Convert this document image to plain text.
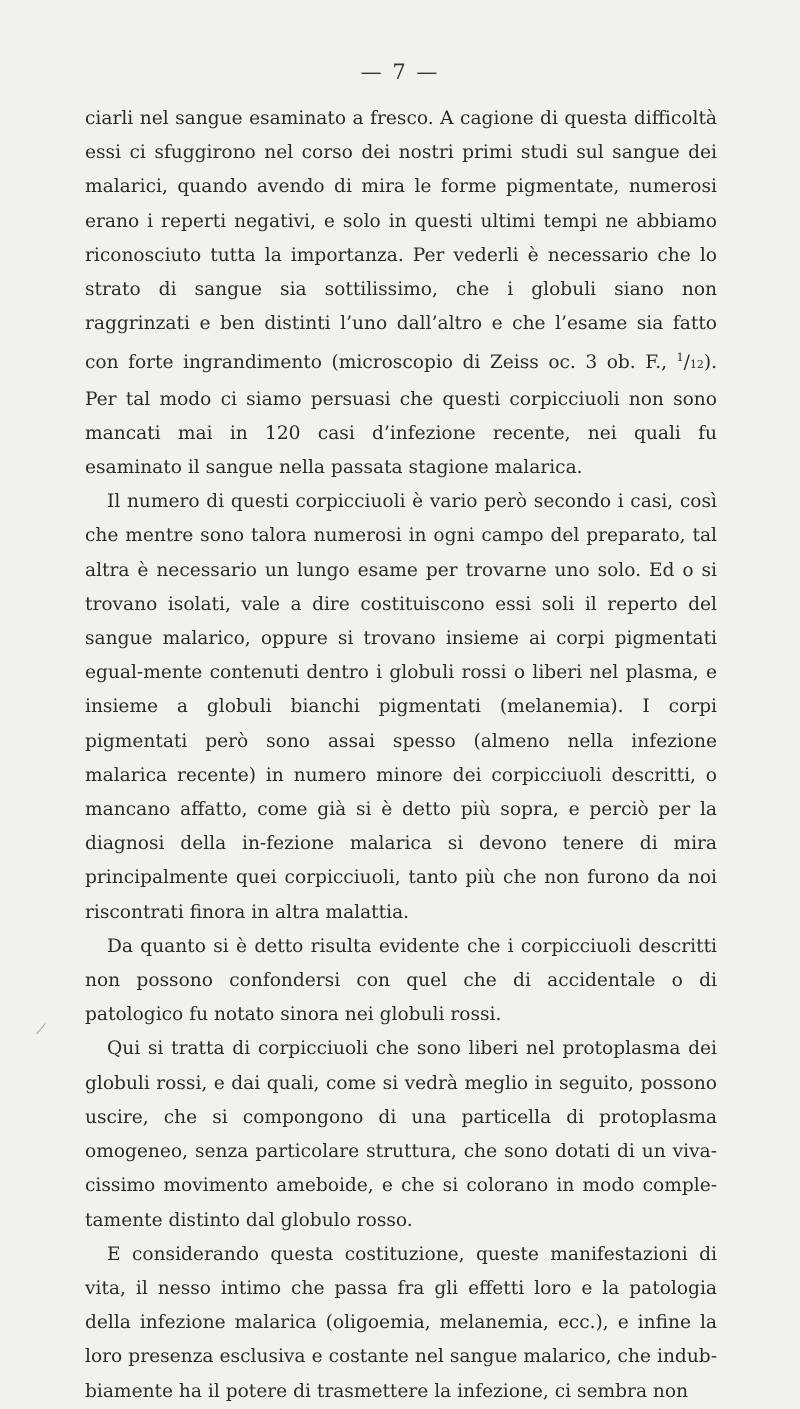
— 7 —

ciarli nel sangue esaminato a fresco. A cagione di questa difficoltà essi ci sfuggirono nel corso dei nostri primi studi sul sangue dei malarici, quando avendo di mira le forme pigmentate, numerosi erano i reperti negativi, e solo in questi ultimi tempi ne abbiamo riconosciuto tutta la importanza. Per vederli è necessario che lo strato di sangue sia sottilissimo, che i globuli siano non raggrinzati e ben distinti l’uno dall’altro e che l’esame sia fatto con forte ingrandimento (microscopio di Zeiss oc. 3 ob. F., $^1$/12). Per tal modo ci siamo persuasi che questi corpicciuoli non sono mancati mai in 120 casi d’infezione recente, nei quali fu esaminato il sangue nella passata stagione malarica.

Il numero di questi corpicciuoli è vario però secondo i casi, così che mentre sono talora numerosi in ogni campo del preparato, tal altra è necessario un lungo esame per trovarne uno solo. Ed o si trovano isolati, vale a dire costituiscono essi soli il reperto del sangue malarico, oppure si trovano insieme ai corpi pigmentati egual-mente contenuti dentro i globuli rossi o liberi nel plasma, e insieme a globuli bianchi pigmentati (melanemia). I corpi pigmentati però sono assai spesso (almeno nella infezione malarica recente) in numero minore dei corpicciuoli descritti, o mancano affatto, come già si è detto più sopra, e perciò per la diagnosi della in-fezione malarica si devono tenere di mira principalmente quei corpicciuoli, tanto più che non furono da noi riscontrati finora in altra malattia.

Da quanto si è detto risulta evidente che i corpicciuoli descritti non possono confondersi con quel che di accidentale o di patologico fu notato sinora nei globuli rossi.

Qui si tratta di corpicciuoli che sono liberi nel protoplasma dei globuli rossi, e dai quali, come si vedrà meglio in seguito, possono uscire, che si compongono di una particella di protoplasma omogeneo, senza particolare struttura, che sono dotati di un viva-cissimo movimento ameboide, e che si colorano in modo comple-tamente distinto dal globulo rosso.

E considerando questa costituzione, queste manifestazioni di vita, il nesso intimo che passa fra gli effetti loro e la patologia della infezione malarica (oligoemia, melanemia, ecc.), e infine la loro presenza esclusiva e costante nel sangue malarico, che indub-biamente ha il potere di trasmettere la infezione, ci sembra non

⟋
